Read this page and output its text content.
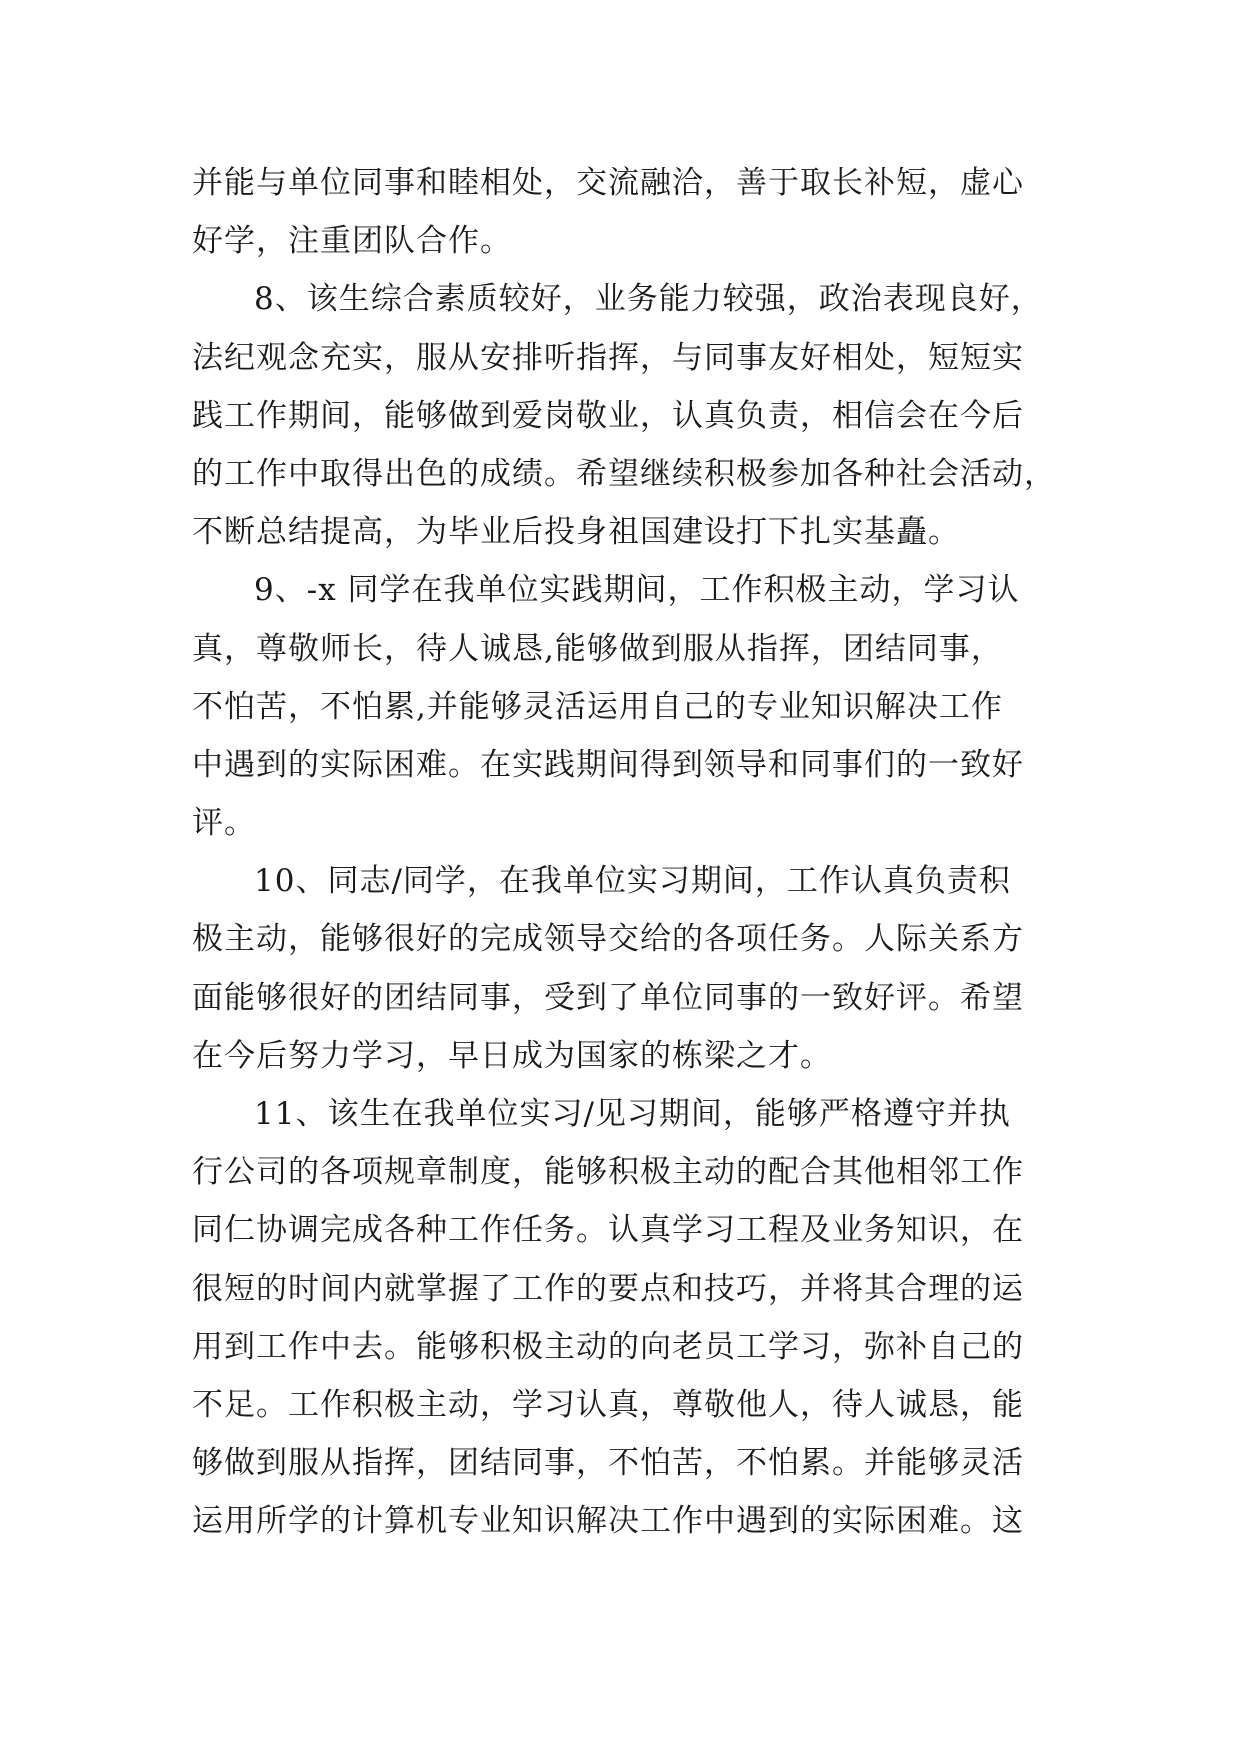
并能与单位同事和睦相处，交流融洽，善于取长补短，虚心
好学，注重团队合作。
8、该生综合素质较好，业务能力较强，政治表现良好，
法纪观念充实，服从安排听指挥，与同事友好相处，短短实
践工作期间，能够做到爱岗敬业，认真负责，相信会在今后
的工作中取得出色的成绩。希望继续积极参加各种社会活动，
不断总结提高，为毕业后投身祖国建设打下扎实基矗。
9、-x 同学在我单位实践期间，工作积极主动，学习认
真，尊敬师长，待人诚恳,能够做到服从指挥，团结同事，
不怕苦，不怕累,并能够灵活运用自己的专业知识解决工作
中遇到的实际困难。在实践期间得到领导和同事们的一致好
评。
10、同志/同学，在我单位实习期间，工作认真负责积
极主动，能够很好的完成领导交给的各项任务。人际关系方
面能够很好的团结同事，受到了单位同事的一致好评。希望
在今后努力学习，早日成为国家的栋梁之才。
11、该生在我单位实习/见习期间，能够严格遵守并执
行公司的各项规章制度，能够积极主动的配合其他相邻工作
同仁协调完成各种工作任务。认真学习工程及业务知识，在
很短的时间内就掌握了工作的要点和技巧，并将其合理的运
用到工作中去。能够积极主动的向老员工学习，弥补自己的
不足。工作积极主动，学习认真，尊敬他人，待人诚恳，能
够做到服从指挥，团结同事，不怕苦，不怕累。并能够灵活
运用所学的计算机专业知识解决工作中遇到的实际困难。这
